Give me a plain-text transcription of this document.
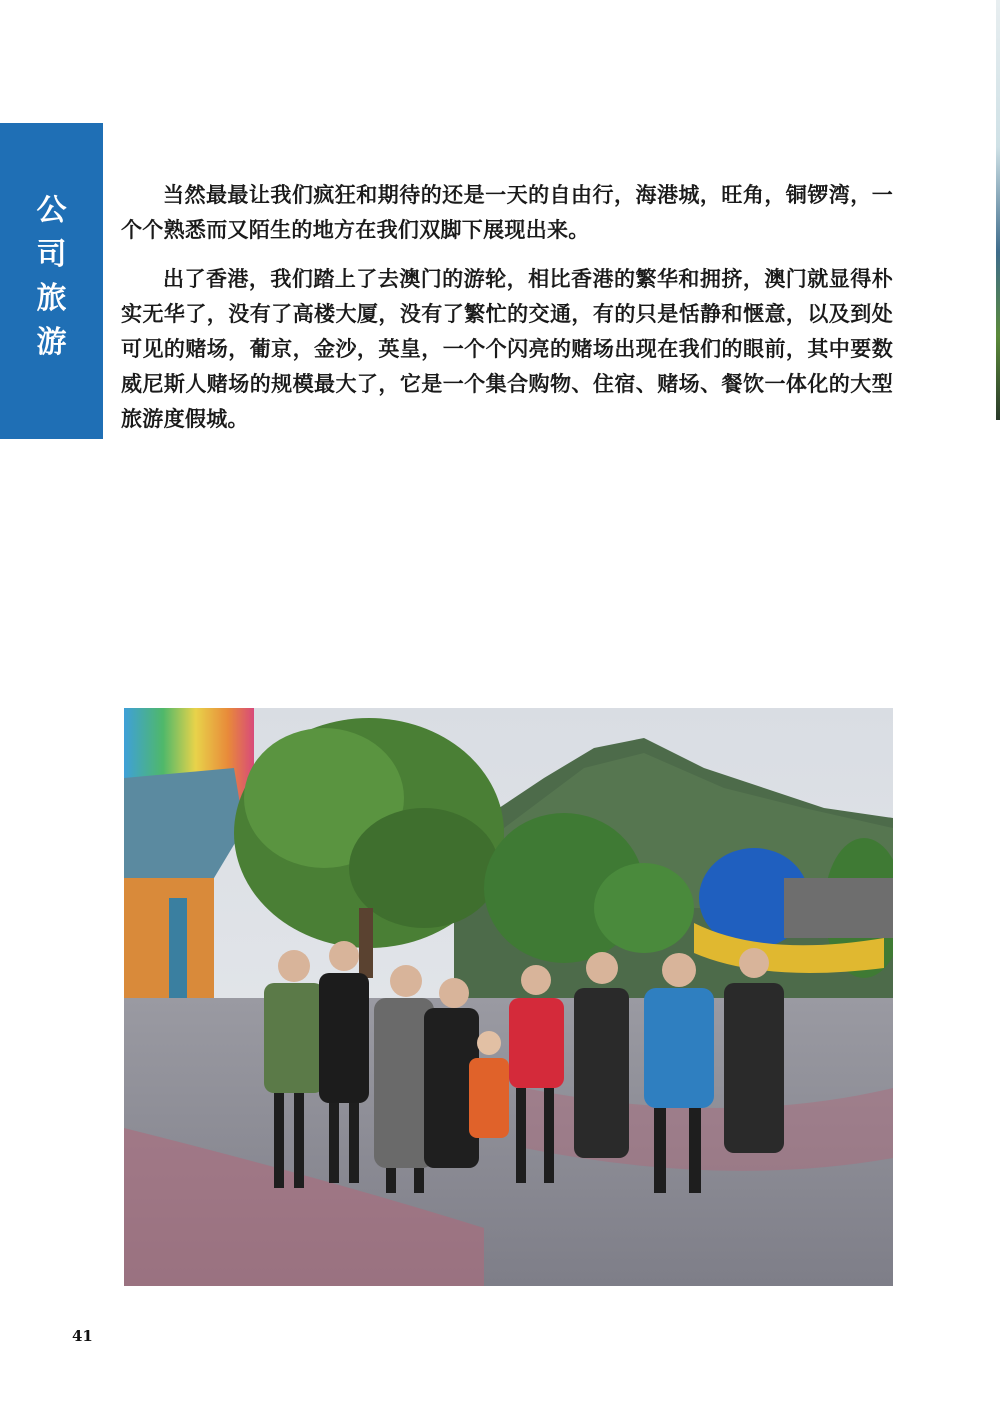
公司旅游

当然最最让我们疯狂和期待的还是一天的自由行，海港城，旺角，铜锣湾，一个个熟悉而又陌生的地方在我们双脚下展现出来。

出了香港，我们踏上了去澳门的游轮，相比香港的繁华和拥挤，澳门就显得朴实无华了，没有了高楼大厦，没有了繁忙的交通，有的只是恬静和惬意，以及到处可见的赌场，葡京，金沙，英皇，一个个闪亮的赌场出现在我们的眼前，其中要数威尼斯人赌场的规模最大了，它是一个集合购物、住宿、赌场、餐饮一体化的大型旅游度假城。

41
